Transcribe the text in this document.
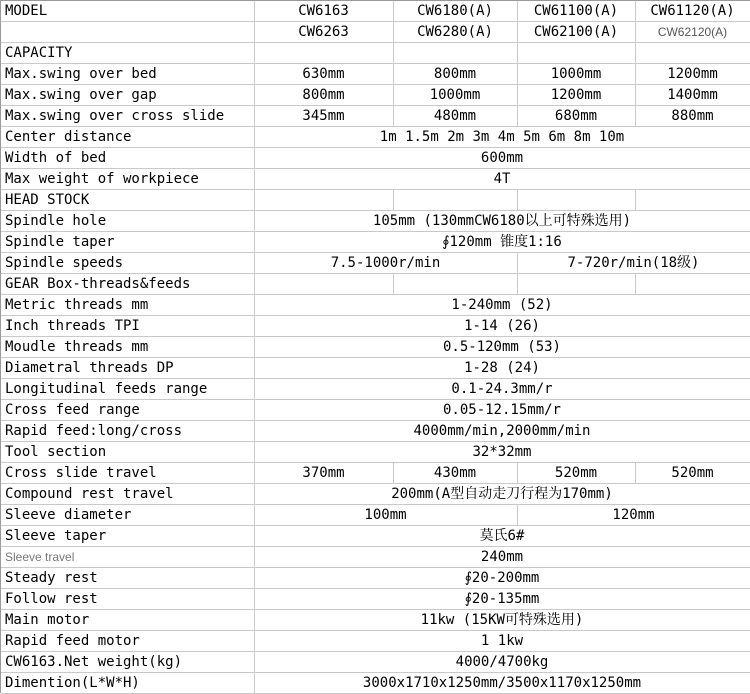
MODEL	CW6163	CW6180(A)	CW61100(A)	CW61120(A)
	CW6263	CW6280(A)	CW62100(A)	CW62120(A)
CAPACITY				
Max.swing over bed	630mm	800mm	1000mm	1200mm
Max.swing over gap	800mm	1000mm	1200mm	1400mm
Max.swing over cross slide	345mm	480mm	680mm	880mm
Center distance	1m 1.5m 2m 3m 4m 5m 6m 8m 10m			
Width of bed	600mm			
Max weight of workpiece	4T			
HEAD STOCK				
Spindle hole	105mm (130mmCW6180以上可特殊选用)			
Spindle taper	∮120mm 锥度1:16			
Spindle speeds	7.5-1000r/min		7-720r/min(18级)	
GEAR Box-threads&feeds				
Metric threads mm	1-240mm (52)			
Inch threads TPI	1-14 (26)			
Moudle threads mm	0.5-120mm (53)			
Diametral threads DP	1-28 (24)			
Longitudinal feeds range	0.1-24.3mm/r			
Cross feed range	0.05-12.15mm/r			
Rapid feed:long/cross	4000mm/min,2000mm/min			
Tool section	32*32mm			
Cross slide travel	370mm	430mm	520mm	520mm
Compound rest travel	200mm(A型自动走刀行程为170mm)			
Sleeve diameter	100mm		120mm	
Sleeve taper	莫氏6#			
Sleeve travel	240mm			
Steady rest	∮20-200mm			
Follow rest	∮20-135mm			
Main motor	11kw (15KW可特殊选用)			
Rapid feed motor	1 1kw			
CW6163.Net weight(kg)	4000/4700kg			
Dimention(L*W*H)	3000x1710x1250mm/3500x1170x1250mm			
